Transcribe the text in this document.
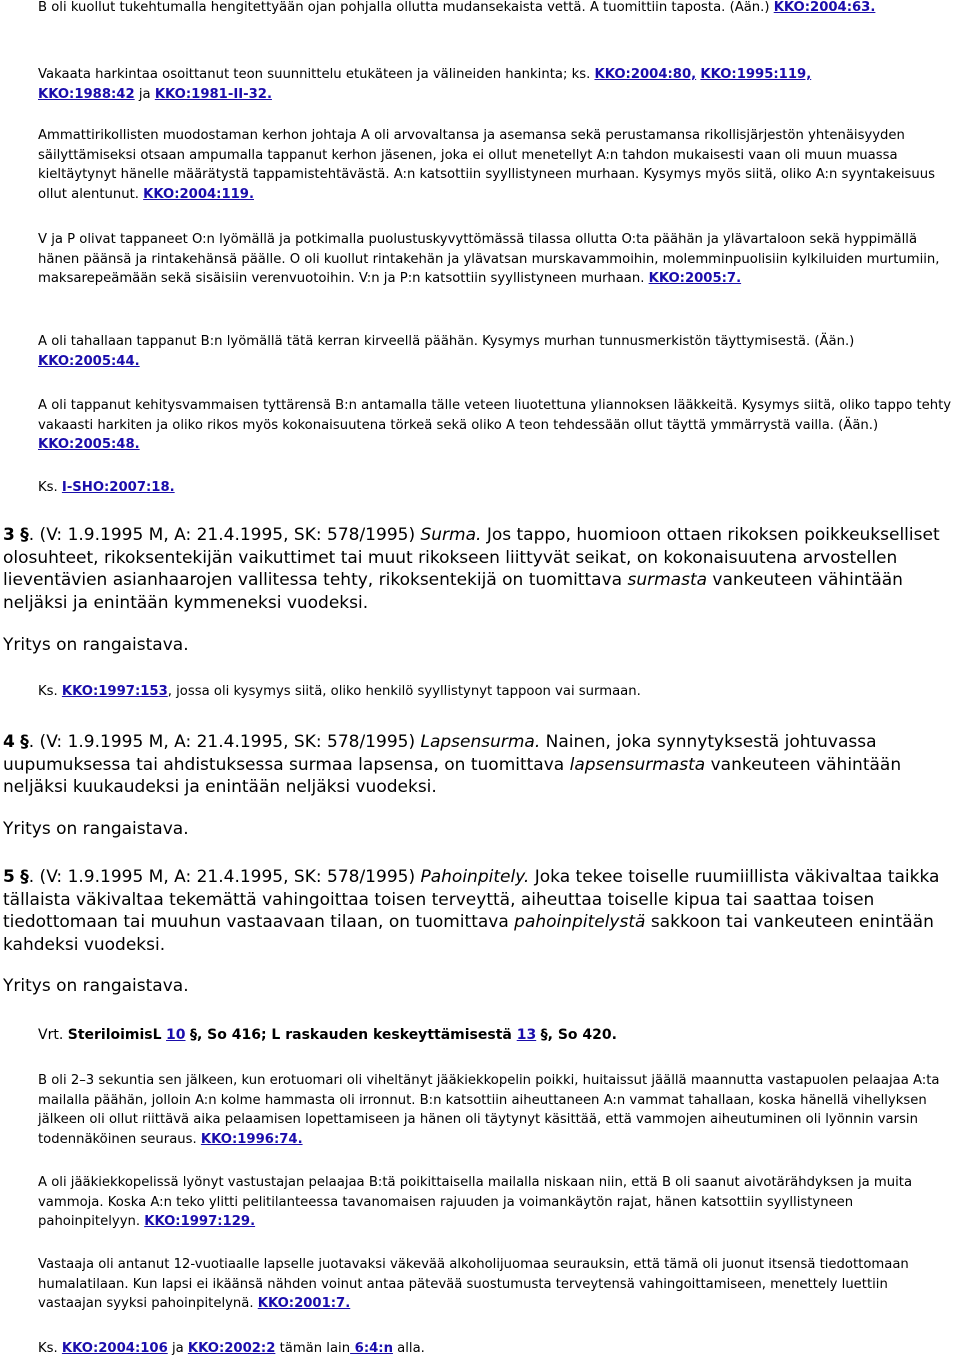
B oli kuollut tukehtumalla hengitettyään ojan pohjalla ollutta mudansekaista vettä. A tuomittiin taposta. (Ään.) KKO:2004:63.

Vakaata harkintaa osoittanut teon suunnittelu etukäteen ja välineiden hankinta; ks. KKO:2004:80, KKO:1995:119,
KKO:1988:42 ja KKO:1981-II-32.

Ammattirikollisten muodostaman kerhon johtaja A oli arvovaltansa ja asemansa sekä perustamansa rikollisjärjestön yhtenäisyyden säilyttämiseksi otsaan ampumalla tappanut kerhon jäsenen, joka ei ollut menetellyt A:n tahdon mukaisesti vaan oli muun muassa kieltäytynyt hänelle määrätystä tappamistehtävästä. A:n katsottiin syyllistyneen murhaan. Kysymys myös siitä, oliko A:n syyntakeisuus ollut alentunut. KKO:2004:119.

V ja P olivat tappaneet O:n lyömällä ja potkimalla puolustuskyvyttömässä tilassa ollutta O:ta päähän ja ylävartaloon sekä hyppimällä hänen päänsä ja rintakehänsä päälle. O oli kuollut rintakehän ja ylävatsan murskavammoihin, molemminpuolisiin kylkiluiden murtumiin, maksarepeämään sekä sisäisiin verenvuotoihin. V:n ja P:n katsottiin syyllistyneen murhaan. KKO:2005:7.

A oli tahallaan tappanut B:n lyömällä tätä kerran kirveellä päähän. Kysymys murhan tunnusmerkistön täyttymisestä. (Ään.) KKO:2005:44.

A oli tappanut kehitysvammaisen tyttärensä B:n antamalla tälle veteen liuotettuna yliannoksen lääkkeitä. Kysymys siitä, oliko tappo tehty vakaasti harkiten ja oliko rikos myös kokonaisuutena törkeä sekä oliko A teon tehdessään ollut täyttä ymmärrystä vailla. (Ään.) KKO:2005:48.

Ks. I-SHO:2007:18.

3 §. (V: 1.9.1995 M, A: 21.4.1995, SK: 578/1995) Surma. Jos tappo, huomioon ottaen rikoksen poikkeukselliset olosuhteet, rikoksentekijän vaikuttimet tai muut rikokseen liittyvät seikat, on kokonaisuutena arvostellen lieventävien asianhaarojen vallitessa tehty, rikoksentekijä on tuomittava surmasta vankeuteen vähintään neljäksi ja enintään kymmeneksi vuodeksi.

Yritys on rangaistava.

Ks. KKO:1997:153, jossa oli kysymys siitä, oliko henkilö syyllistynyt tappoon vai surmaan.

4 §. (V: 1.9.1995 M, A: 21.4.1995, SK: 578/1995) Lapsensurma. Nainen, joka synnytyksestä johtuvassa uupumuksessa tai ahdistuksessa surmaa lapsensa, on tuomittava lapsensurmasta vankeuteen vähintään neljäksi kuukaudeksi ja enintään neljäksi vuodeksi.

Yritys on rangaistava.

5 §. (V: 1.9.1995 M, A: 21.4.1995, SK: 578/1995) Pahoinpitely. Joka tekee toiselle ruumiillista väkivaltaa taikka tällaista väkivaltaa tekemättä vahingoittaa toisen terveyttä, aiheuttaa toiselle kipua tai saattaa toisen tiedottomaan tai muuhun vastaavaan tilaan, on tuomittava pahoinpitelystä sakkoon tai vankeuteen enintään kahdeksi vuodeksi.

Yritys on rangaistava.

Vrt. SteriloimisL 10 §, So 416; L raskauden keskeyttämisestä 13 §, So 420.

B oli 2–3 sekuntia sen jälkeen, kun erotuomari oli viheltänyt jääkiekkopelin poikki, huitaissut jäällä maannutta vastapuolen pelaajaa A:ta mailalla päähän, jolloin A:n kolme hammasta oli irronnut. B:n katsottiin aiheuttaneen A:n vammat tahallaan, koska hänellä vihellyksen jälkeen oli ollut riittävä aika pelaamisen lopettamiseen ja hänen oli täytynyt käsittää, että vammojen aiheutuminen oli lyönnin varsin todennäköinen seuraus. KKO:1996:74.

A oli jääkiekkopelissä lyönyt vastustajan pelaajaa B:tä poikittaisella mailalla niskaan niin, että B oli saanut aivotärähdyksen ja muita vammoja. Koska A:n teko ylitti pelitilanteessa tavanomaisen rajuuden ja voimankäytön rajat, hänen katsottiin syyllistyneen pahoinpitelyyn. KKO:1997:129.

Vastaaja oli antanut 12-vuotiaalle lapselle juotavaksi väkevää alkoholijuomaa seurauksin, että tämä oli juonut itsensä tiedottomaan humalatilaan. Kun lapsi ei ikäänsä nähden voinut antaa pätevää suostumusta terveytensä vahingoittamiseen, menettely luettiin vastaajan syyksi pahoinpitelynä. KKO:2001:7.

Ks. KKO:2004:106 ja KKO:2002:2 tämän lain 6:4:n alla.
